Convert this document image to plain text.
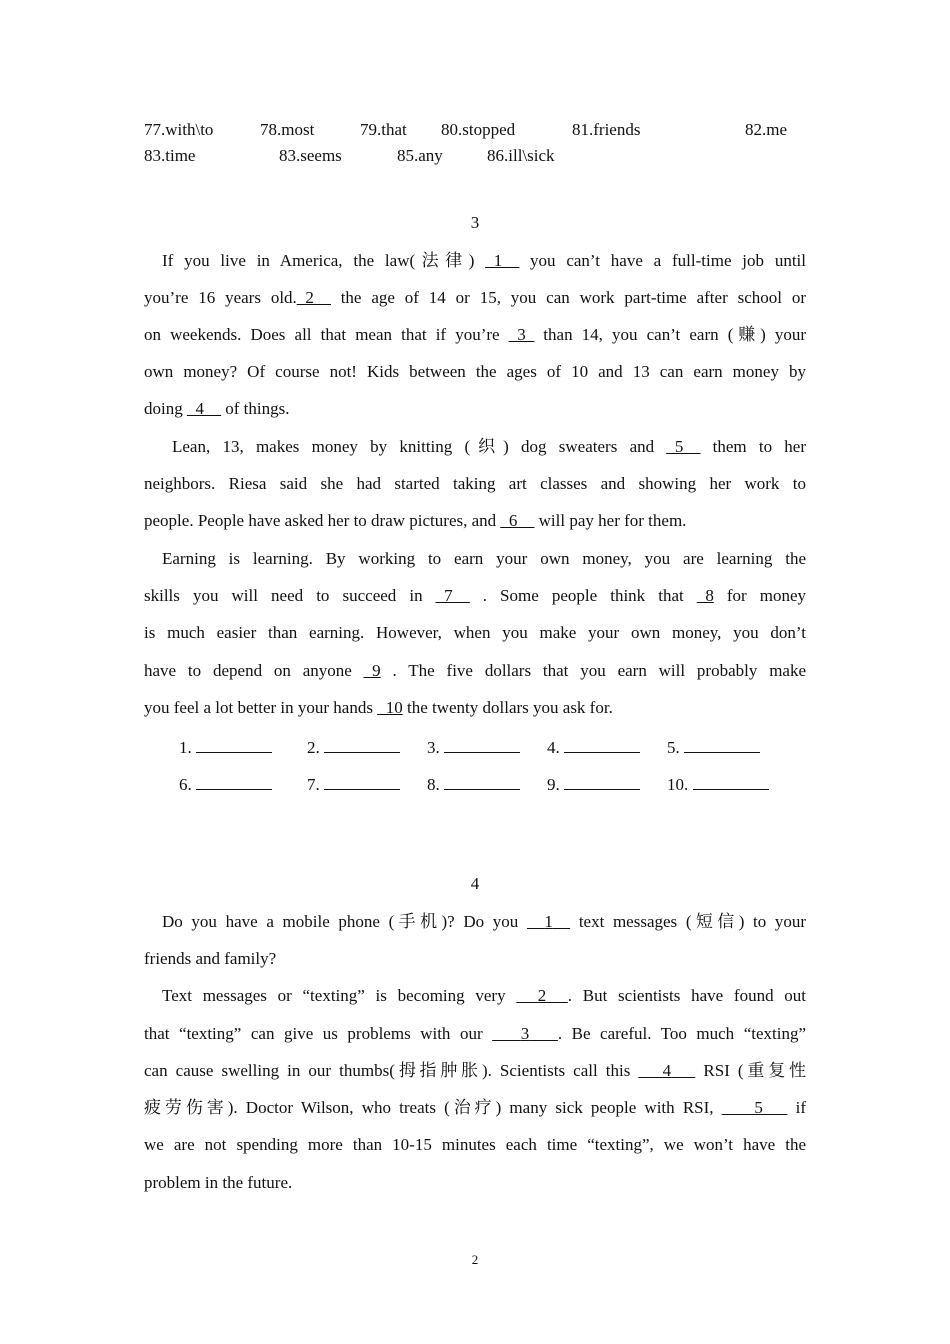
77.with\to	78.most	79.that 80.stopped	81.friends	82.me
83.time	83.seems	85.any	86.ill\sick
3
If you live in America, the law(法律) _1__ you can’t have a full-time job until
you’re 16 years old._2__ the age of 14 or 15, you can work part-time after school or
on weekends. Does all that mean that if you’re _3_ than 14, you can’t earn (赚) your
own money? Of course not! Kids between the ages of 10 and 13 can earn money by
doing _4__ of things.
Lean, 13, makes money by knitting (织) dog sweaters and _5__ them to her
neighbors. Riesa said she had started taking art classes and showing her work to
people. People have asked her to draw pictures, and _6__ will pay her for them.
Earning is learning. By working to earn your own money, you are learning the
skills you will need to succeed in _7__ . Some people think that _8 for money
is much easier than earning. However, when you make your own money, you don’t
have to depend on anyone _9 . The five dollars that you earn will probably make
you feel a lot better in your hands _10 the twenty dollars you ask for.
1.	2.	3.	4.	5.
6.	7.	8.	9.	10.
4
Do you have a mobile phone (手机)? Do you 1 text messages (短信) to your
friends and family?
Text messages or “texting” is becoming very 2 . But scientists have found out
that “texting” can give us problems with our 3 . Be careful. Too much “texting”
can cause swelling in our thumbs(拇指肿胀). Scientists call this 4 RSI (重复性
疲劳伤害). Doctor Wilson, who treats (治疗) many sick people with RSI, 5 if
we are not spending more than 10-15 minutes each time “texting”, we won’t have the
problem in the future.
2
